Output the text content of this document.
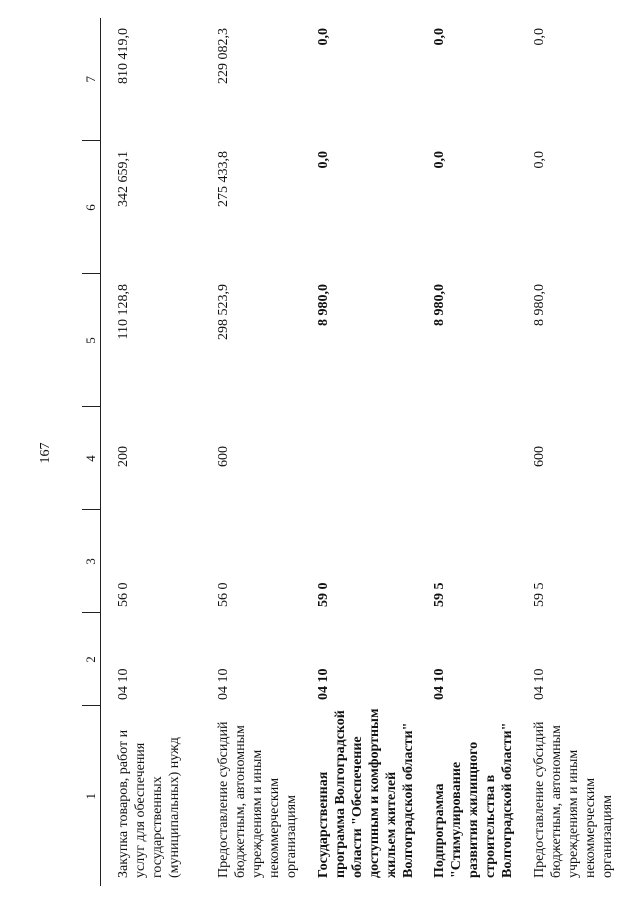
167
1	2	3	4	5	6	7
Закупка товаров, работ и услуг для обеспечения государственных (муниципальных) нужд	04 10	56 0	200	110 128,8	342 659,1	810 419,0
Предоставление субсидий бюджетным, автономным учреждениям и иным некоммерческим организациям	04 10	56 0	600	298 523,9	275 433,8	229 082,3
Государственная программа Волгоградской области "Обеспечение доступным и комфортным жильем жителей Волгоградской области"	04 10	59 0		8 980,0	0,0	0,0
Подпрограмма "Стимулирование развития жилищного строительства в Волгоградской области"	04 10	59 5		8 980,0	0,0	0,0
Предоставление субсидий бюджетным, автономным учреждениям и иным некоммерческим организациям	04 10	59 5	600	8 980,0	0,0	0,0
